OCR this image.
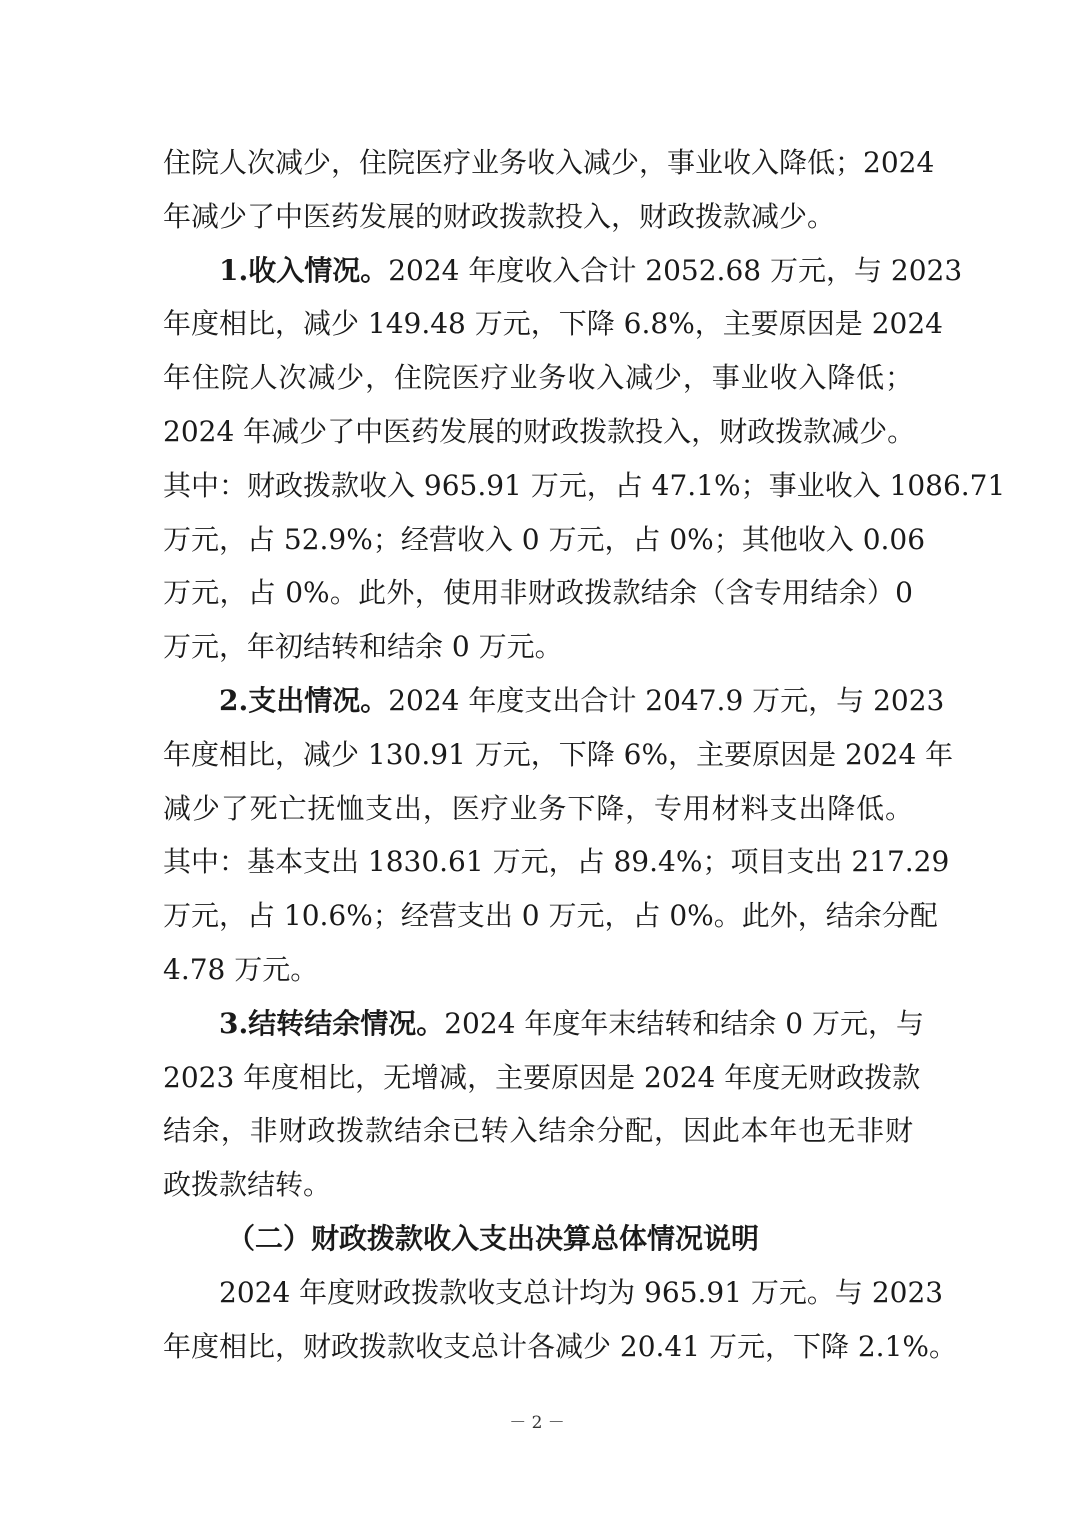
住院人次减少，住院医疗业务收入减少，事业收入降低；2024
年减少了中医药发展的财政拨款投入，财政拨款减少。
1.收入情况。2024 年度收入合计 2052.68 万元，与 2023
年度相比，减少 149.48 万元，下降 6.8%，主要原因是 2024
年住院人次减少，住院医疗业务收入减少，事业收入降低；
2024 年减少了中医药发展的财政拨款投入，财政拨款减少。
其中：财政拨款收入 965.91 万元，占 47.1%；事业收入 1086.71
万元，占 52.9%；经营收入 0 万元，占 0%；其他收入 0.06
万元，占 0%。此外，使用非财政拨款结余（含专用结余）0
万元，年初结转和结余 0 万元。
2.支出情况。2024 年度支出合计 2047.9 万元，与 2023
年度相比，减少 130.91 万元，下降 6%，主要原因是 2024 年
减少了死亡抚恤支出，医疗业务下降，专用材料支出降低。
其中：基本支出 1830.61 万元，占 89.4%；项目支出 217.29
万元，占 10.6%；经营支出 0 万元，占 0%。此外，结余分配
4.78 万元。
3.结转结余情况。2024 年度年末结转和结余 0 万元，与
2023 年度相比，无增减，主要原因是 2024 年度无财政拨款
结余，非财政拨款结余已转入结余分配，因此本年也无非财
政拨款结转。
（二）财政拨款收入支出决算总体情况说明
2024 年度财政拨款收支总计均为 965.91 万元。与 2023
年度相比，财政拨款收支总计各减少 20.41 万元，下降 2.1%。
－ 2 －
